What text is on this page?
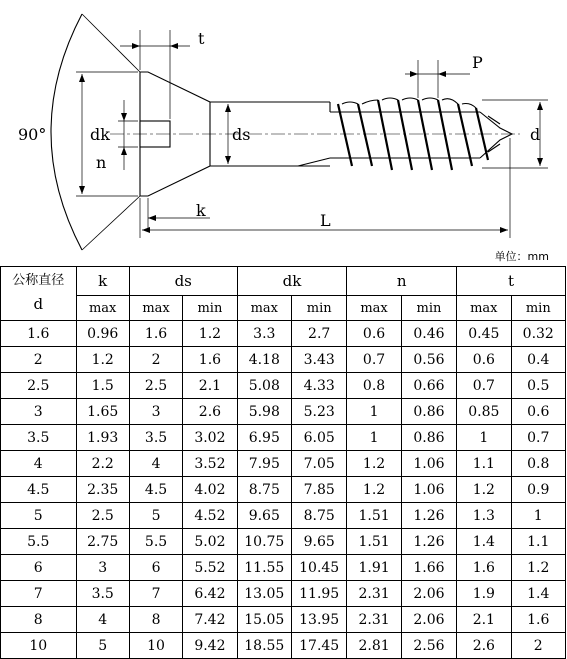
t
P
90°	dk	ds	d
n
k
L
单位：mm
公称直径
d	k	ds		dk		n		t	
	max	max	min	max	min	max	min	max	min
1.6	0.96	1.6	1.2	3.3	2.7	0.6	0.46	0.45	0.32
2	1.2	2	1.6	4.18	3.43	0.7	0.56	0.6	0.4
2.5	1.5	2.5	2.1	5.08	4.33	0.8	0.66	0.7	0.5
3	1.65	3	2.6	5.98	5.23	1	0.86	0.85	0.6
3.5	1.93	3.5	3.02	6.95	6.05	1	0.86	1	0.7
4	2.2	4	3.52	7.95	7.05	1.2	1.06	1.1	0.8
4.5	2.35	4.5	4.02	8.75	7.85	1.2	1.06	1.2	0.9
5	2.5	5	4.52	9.65	8.75	1.51	1.26	1.3	1
5.5	2.75	5.5	5.02	10.75	9.65	1.51	1.26	1.4	1.1
6	3	6	5.52	11.55	10.45	1.91	1.66	1.6	1.2
7	3.5	7	6.42	13.05	11.95	2.31	2.06	1.9	1.4
8	4	8	7.42	15.05	13.95	2.31	2.06	2.1	1.6
10	5	10	9.42	18.55	17.45	2.81	2.56	2.6	2
